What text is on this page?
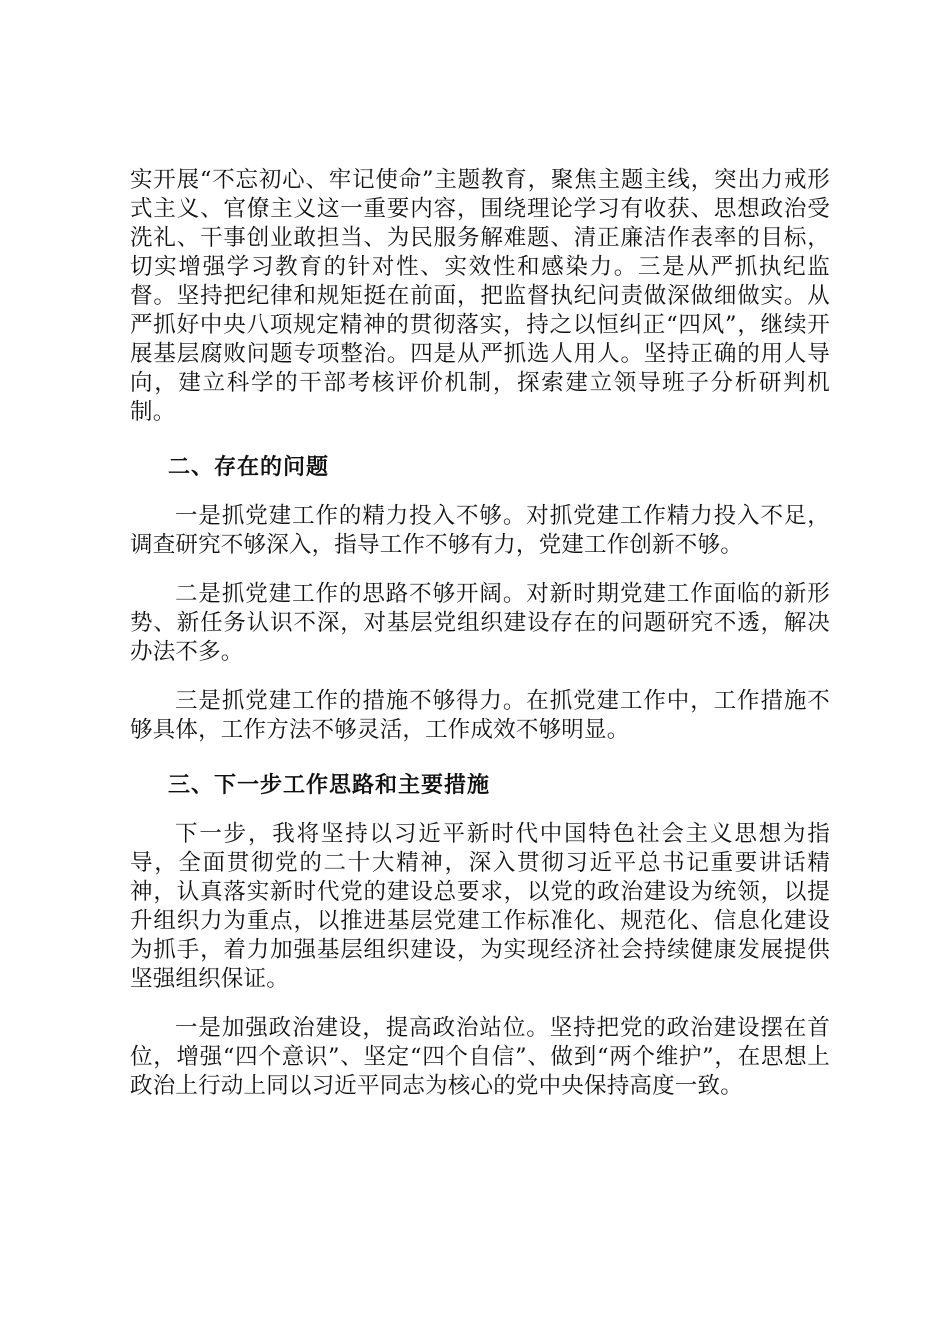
实开展“不忘初心、牢记使命”主题教育，聚焦主题主线，突出力戒形式主义、官僚主义这一重要内容，围绕理论学习有收获、思想政治受洗礼、干事创业敢担当、为民服务解难题、清正廉洁作表率的目标，切实增强学习教育的针对性、实效性和感染力。三是从严抓执纪监督。坚持把纪律和规矩挺在前面，把监督执纪问责做深做细做实。从严抓好中央八项规定精神的贯彻落实，持之以恒纠正“四风”，继续开展基层腐败问题专项整治。四是从严抓选人用人。坚持正确的用人导向，建立科学的干部考核评价机制，探索建立领导班子分析研判机制。

二、存在的问题

一是抓党建工作的精力投入不够。对抓党建工作精力投入不足，调查研究不够深入，指导工作不够有力，党建工作创新不够。

二是抓党建工作的思路不够开阔。对新时期党建工作面临的新形势、新任务认识不深，对基层党组织建设存在的问题研究不透，解决办法不多。

三是抓党建工作的措施不够得力。在抓党建工作中，工作措施不够具体，工作方法不够灵活，工作成效不够明显。

三、下一步工作思路和主要措施

下一步，我将坚持以习近平新时代中国特色社会主义思想为指导，全面贯彻党的二十大精神，深入贯彻习近平总书记重要讲话精神，认真落实新时代党的建设总要求，以党的政治建设为统领，以提升组织力为重点，以推进基层党建工作标准化、规范化、信息化建设为抓手，着力加强基层组织建设，为实现经济社会持续健康发展提供坚强组织保证。

一是加强政治建设，提高政治站位。坚持把党的政治建设摆在首位，增强“四个意识”、坚定“四个自信”、做到“两个维护”，在思想上政治上行动上同以习近平同志为核心的党中央保持高度一致。
